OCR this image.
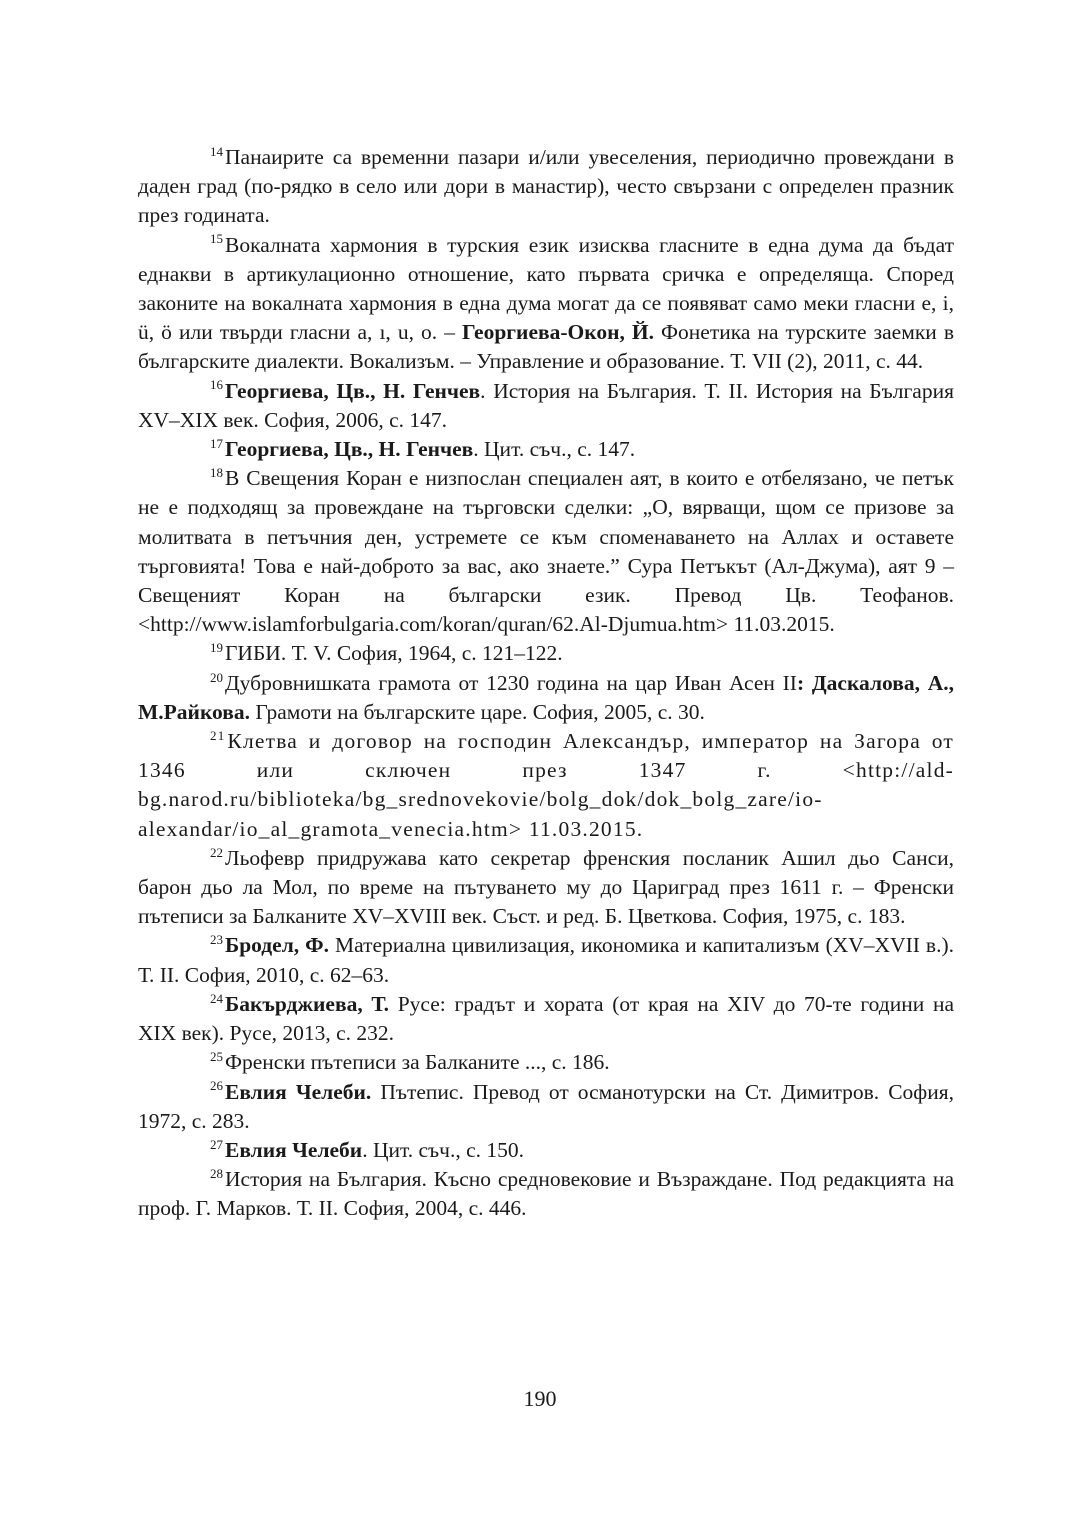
$^{14}$Панаирите са временни пазари и/или увеселения, периодично провеждани в даден град (по-рядко в село или дори в манастир), често свързани с определен празник през годината.

$^{15}$Вокалната хармония в турския език изисква гласните в една дума да бъдат еднакви в артикулационно отношение, като първата сричка е определяща. Според законите на вокалната хармония в една дума могат да се появяват само меки гласни e, i, ü, ö или твърди гласни a, ı, u, o. – Георгиева-Окон, Й. Фонетика на турските заемки в българските диалекти. Вокализъм. – Управление и образование. Т. VII (2), 2011, с. 44.

$^{16}$Георгиева, Цв., Н. Генчев. История на България. Т. II. История на България XV–XIX век. София, 2006, с. 147.

$^{17}$Георгиева, Цв., Н. Генчев. Цит. съч., с. 147.

$^{18}$В Свещения Коран е низпослан специален аят, в които е отбелязано, че петък не е подходящ за провеждане на търговски сделки: „О, вярващи, щом се призове за молитвата в петъчния ден, устремете се към споменаването на Аллах и оставете търговията! Това е най-доброто за вас, ако знаете.” Сура Петъкът (Ал-Джума), аят 9 – Свещеният Коран на български език. Превод Цв. Теофанов. <http://www.islamforbulgaria.com/koran/quran/62.Al-Djumua.htm> 11.03.2015.

$^{19}$ГИБИ. Т. V. София, 1964, с. 121–122.

$^{20}$Дубровнишката грамота от 1230 година на цар Иван Асен II: Даскалова, А., М.Райкова. Грамоти на българските царе. София, 2005, с. 30.

$^{21}$Клетва и договор на господин Александър, император на Загора от 1346 или сключен през 1347 г. <http://ald-bg.narod.ru/biblioteka/bg_srednovekovie/bolg_dok/dok_bolg_zare/io-alexandar/io_al_gramota_venecia.htm> 11.03.2015.

$^{22}$Льофевр придружава като секретар френския посланик Ашил дьо Санси, барон дьо ла Мол, по време на пътуването му до Цариград през 1611 г. – Френски пътеписи за Балканите XV–XVIII век. Съст. и ред. Б. Цветкова. София, 1975, с. 183.

$^{23}$Бродел, Ф. Материална цивилизация, икономика и капитализъм (XV–XVII в.). Т. II. София, 2010, с. 62–63.

$^{24}$Бакърджиева, Т. Русе: градът и хората (от края на XIV до 70-те години на XIX век). Русе, 2013, с. 232.

$^{25}$Френски пътеписи за Балканите ..., с. 186.

$^{26}$Евлия Челеби. Пътепис. Превод от османотурски на Ст. Димитров. София, 1972, с. 283.

$^{27}$Евлия Челеби. Цит. съч., с. 150.

$^{28}$История на България. Късно средновековие и Възраждане. Под редакцията на проф. Г. Марков. Т. II. София, 2004, с. 446.

190
